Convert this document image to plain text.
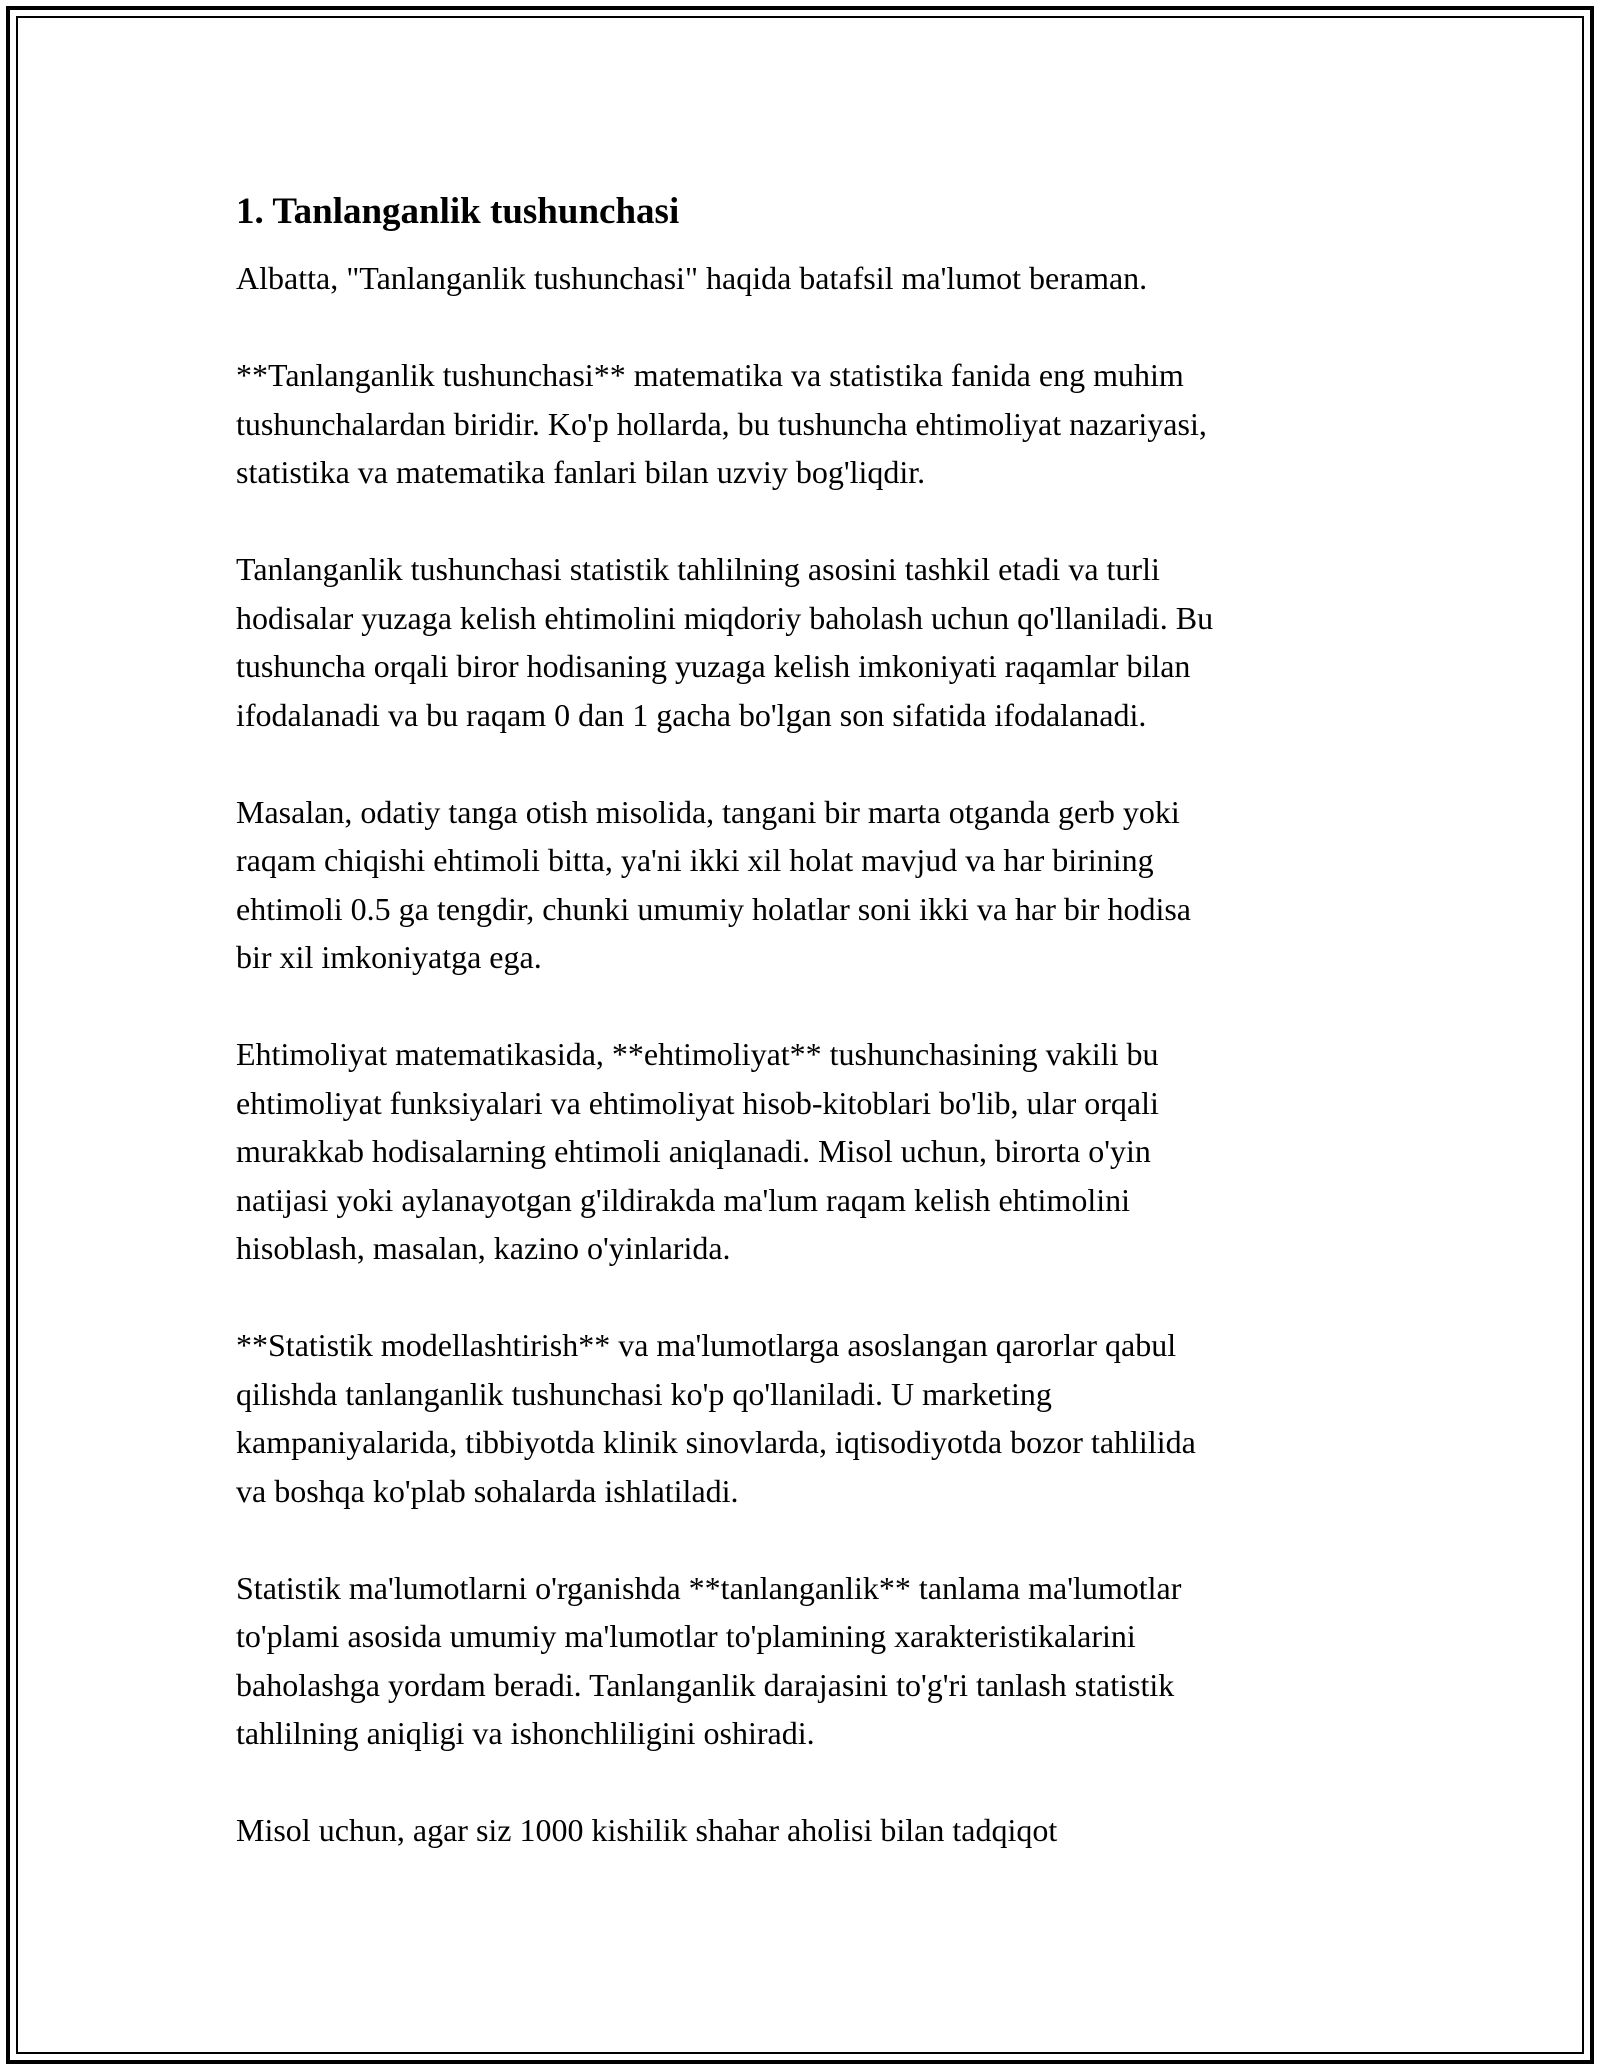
1. Tanlanganlik tushunchasi
Albatta, "Tanlanganlik tushunchasi" haqida batafsil ma'lumot beraman.
**Tanlanganlik tushunchasi** matematika va statistika fanida eng muhim
tushunchalardan biridir. Ko'p hollarda, bu tushuncha ehtimoliyat nazariyasi,
statistika va matematika fanlari bilan uzviy bog'liqdir.
Tanlanganlik tushunchasi statistik tahlilning asosini tashkil etadi va turli
hodisalar yuzaga kelish ehtimolini miqdoriy baholash uchun qo'llaniladi. Bu
tushuncha orqali biror hodisaning yuzaga kelish imkoniyati raqamlar bilan
ifodalanadi va bu raqam 0 dan 1 gacha bo'lgan son sifatida ifodalanadi.
Masalan, odatiy tanga otish misolida, tangani bir marta otganda gerb yoki
raqam chiqishi ehtimoli bitta, ya'ni ikki xil holat mavjud va har birining
ehtimoli 0.5 ga tengdir, chunki umumiy holatlar soni ikki va har bir hodisa
bir xil imkoniyatga ega.
Ehtimoliyat matematikasida, **ehtimoliyat** tushunchasining vakili bu
ehtimoliyat funksiyalari va ehtimoliyat hisob-kitoblari bo'lib, ular orqali
murakkab hodisalarning ehtimoli aniqlanadi. Misol uchun, birorta o'yin
natijasi yoki aylanayotgan g'ildirakda ma'lum raqam kelish ehtimolini
hisoblash, masalan, kazino o'yinlarida.
**Statistik modellashtirish** va ma'lumotlarga asoslangan qarorlar qabul
qilishda tanlanganlik tushunchasi ko'p qo'llaniladi. U marketing
kampaniyalarida, tibbiyotda klinik sinovlarda, iqtisodiyotda bozor tahlilida
va boshqa ko'plab sohalarda ishlatiladi.
Statistik ma'lumotlarni o'rganishda **tanlanganlik** tanlama ma'lumotlar
to'plami asosida umumiy ma'lumotlar to'plamining xarakteristikalarini
baholashga yordam beradi. Tanlanganlik darajasini to'g'ri tanlash statistik
tahlilning aniqligi va ishonchliligini oshiradi.
Misol uchun, agar siz 1000 kishilik shahar aholisi bilan tadqiqot
